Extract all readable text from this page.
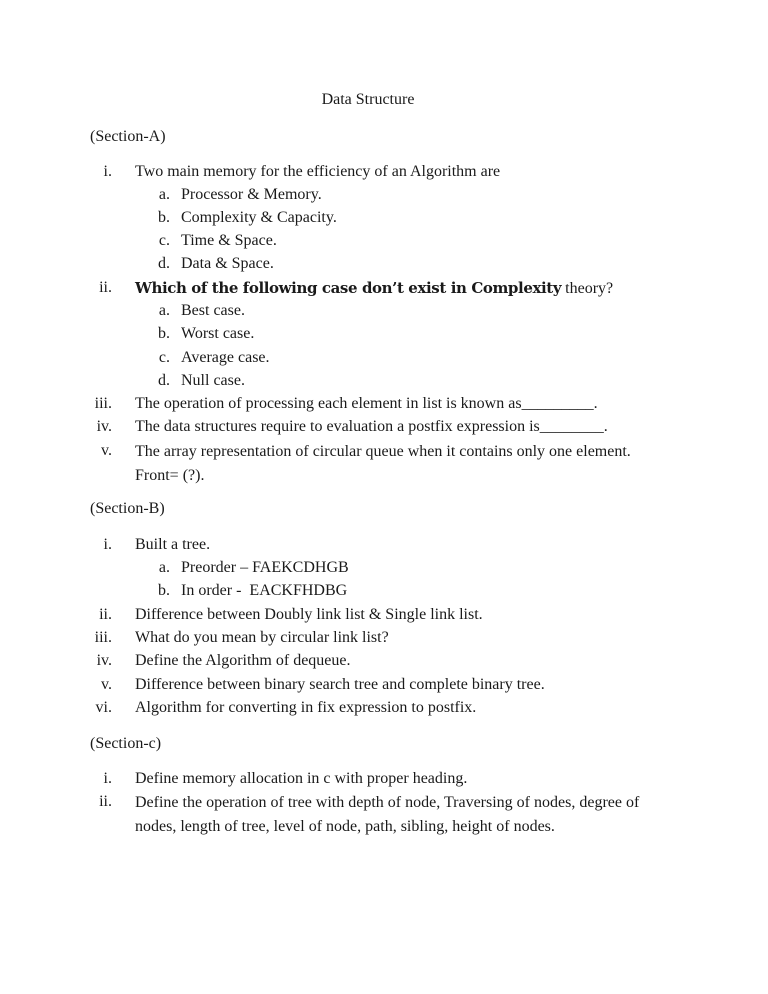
Data Structure
(Section-A)
i. Two main memory for the efficiency of an Algorithm are
a. Processor & Memory.
b. Complexity & Capacity.
c. Time & Space.
d. Data & Space.
ii. Which of the following case don’t exist in Complexity theory?
a. Best case.
b. Worst case.
c. Average case.
d. Null case.
iii. The operation of processing each element in list is known as_________.
iv. The data structures require to evaluation a postfix expression is________.
v. The array representation of circular queue when it contains only one element. Front= (?).
(Section-B)
i. Built a tree.
a. Preorder – FAEKCDHGB
b. In order -  EACKFHDBG
ii. Difference between Doubly link list & Single link list.
iii. What do you mean by circular link list?
iv. Define the Algorithm of dequeue.
v. Difference between binary search tree and complete binary tree.
vi. Algorithm for converting in fix expression to postfix.
(Section-c)
i. Define memory allocation in c with proper heading.
ii. Define the operation of tree with depth of node, Traversing of nodes, degree of nodes, length of tree, level of node, path, sibling, height of nodes.
